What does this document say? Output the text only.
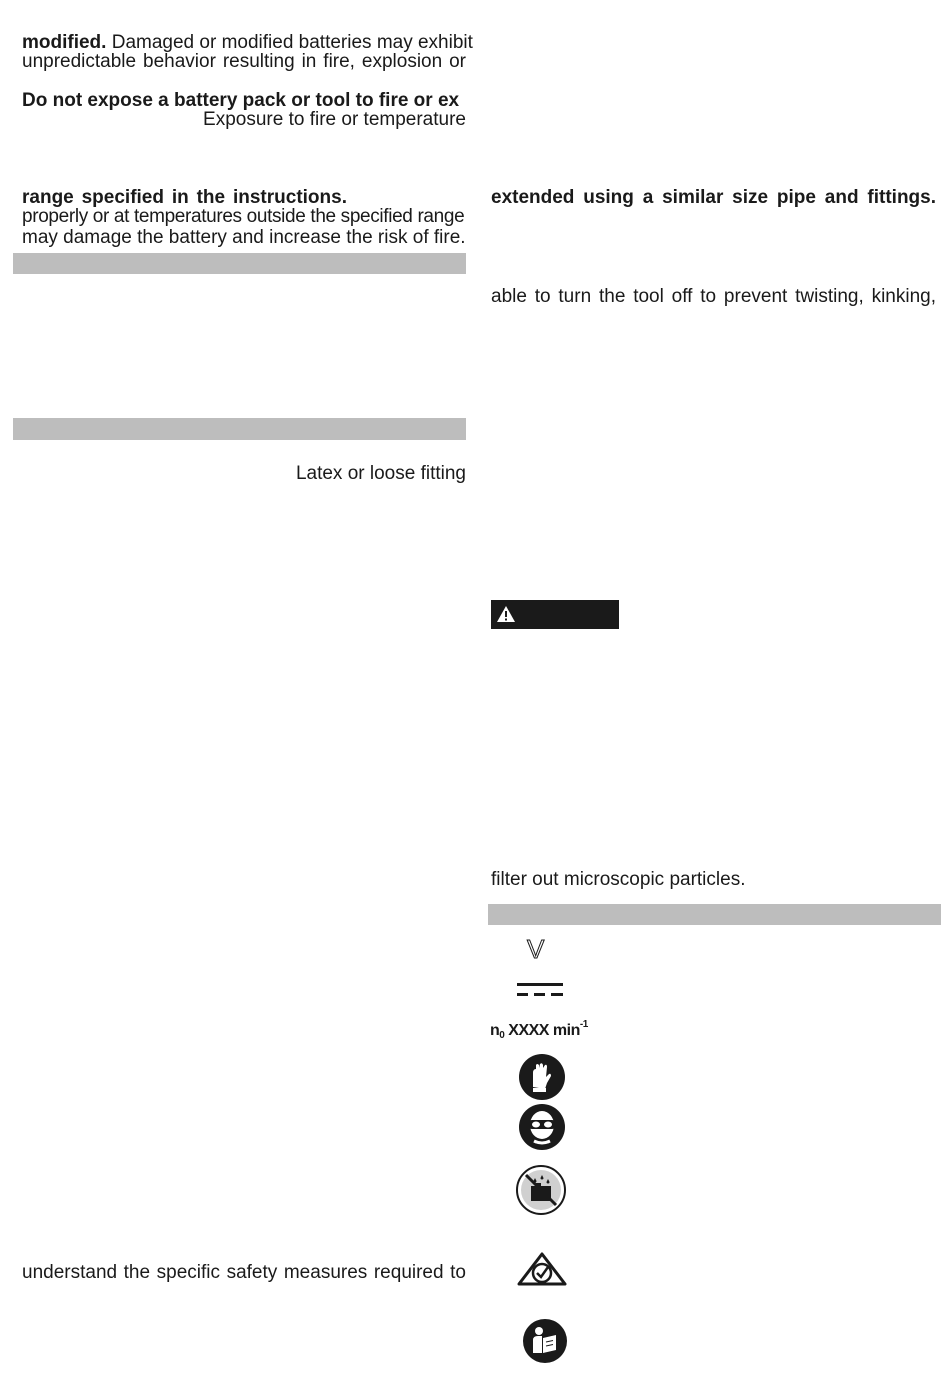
modified. Damaged or modified batteries may exhibit
unpredictable behavior resulting in fire, explosion or
Do not expose a battery pack or tool to fire or ex
Exposure to fire or temperature
range specified in the instructions.
properly or at temperatures outside the specified range
may damage the battery and increase the risk of fire.
Latex or loose fitting
understand the specific safety measures required to
extended using a similar size pipe and fittings.
able to turn the tool off to prevent twisting, kinking,
filter out microscopic particles.
V
$n_0$ XXXX $\min^{-1}$
